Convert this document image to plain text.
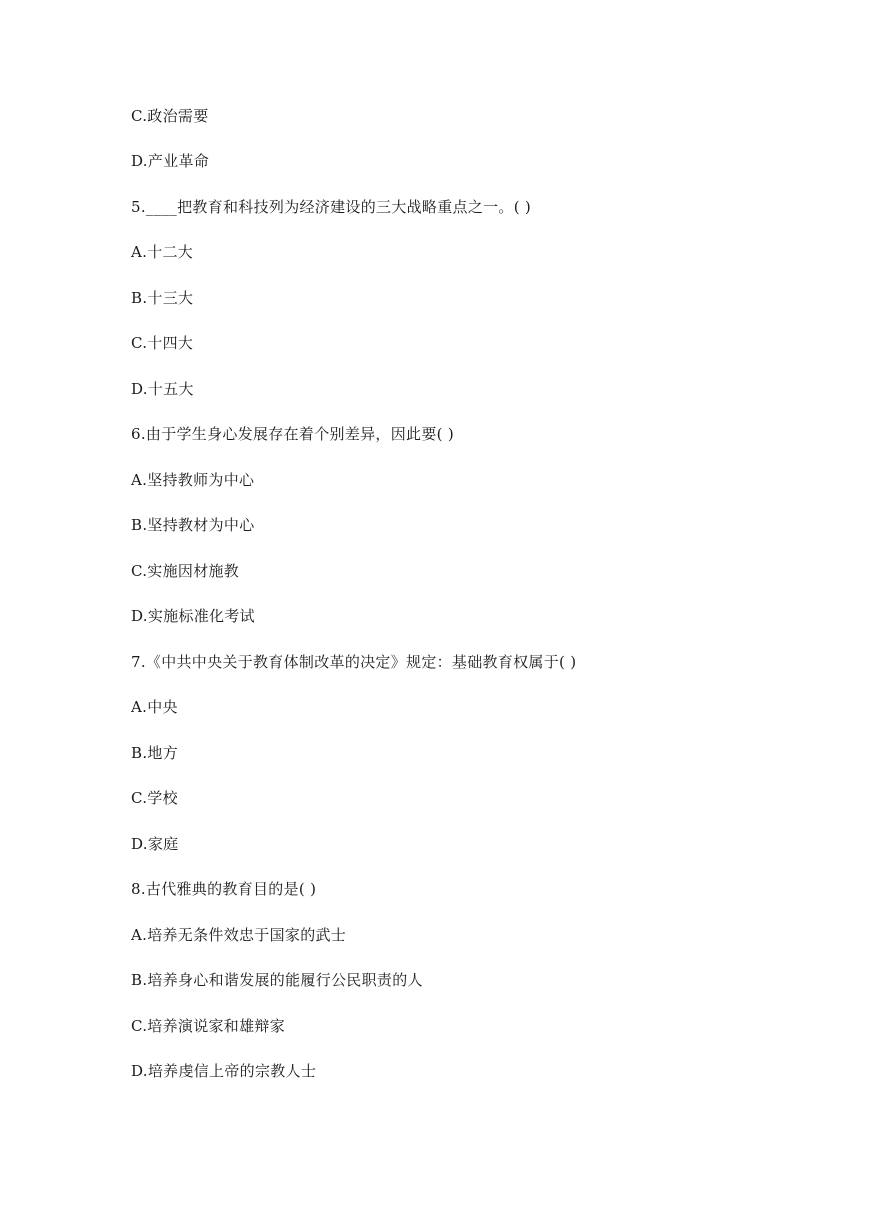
C.政治需要
D.产业革命
5.____把教育和科技列为经济建设的三大战略重点之一。( )
A.十二大
B.十三大
C.十四大
D.十五大
6.由于学生身心发展存在着个别差异，因此要( )
A.坚持教师为中心
B.坚持教材为中心
C.实施因材施教
D.实施标准化考试
7.《中共中央关于教育体制改革的决定》规定：基础教育权属于( )
A.中央
B.地方
C.学校
D.家庭
8.古代雅典的教育目的是( )
A.培养无条件效忠于国家的武士
B.培养身心和谐发展的能履行公民职责的人
C.培养演说家和雄辩家
D.培养虔信上帝的宗教人士
